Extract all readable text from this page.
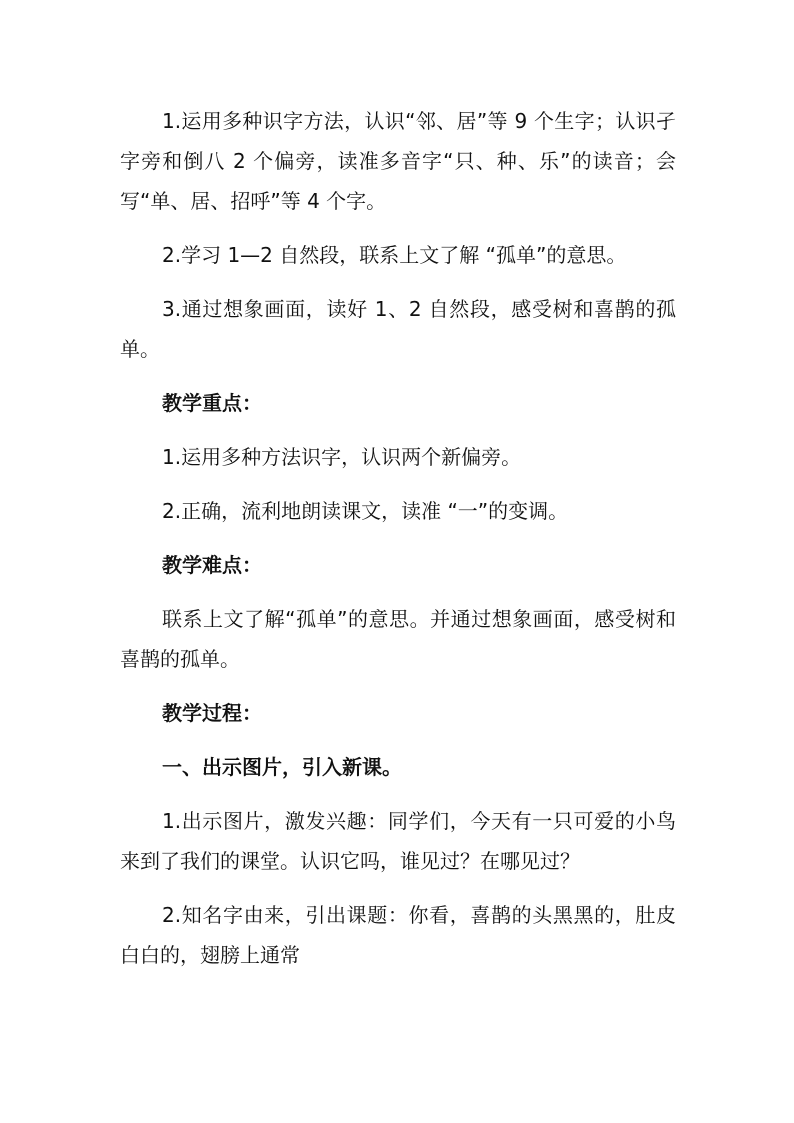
1.运用多种识字方法，认识“邻、居”等 9 个生字；认识孑字旁和倒八 2 个偏旁，读准多音字“只、种、乐”的读音；会写“单、居、招呼”等 4 个字。

2.学习 1—2 自然段，联系上文了解 “孤单”的意思。

3.通过想象画面，读好 1、2 自然段，感受树和喜鹊的孤单。

教学重点：

1.运用多种方法识字，认识两个新偏旁。

2.正确，流利地朗读课文，读准 “一”的变调。

教学难点：

联系上文了解“孤单”的意思。并通过想象画面，感受树和喜鹊的孤单。

教学过程：

一、出示图片，引入新课。

1.出示图片，激发兴趣：同学们，今天有一只可爱的小鸟来到了我们的课堂。认识它吗，谁见过？在哪见过？

2.知名字由来，引出课题：你看，喜鹊的头黑黑的，肚皮白白的，翅膀上通常
